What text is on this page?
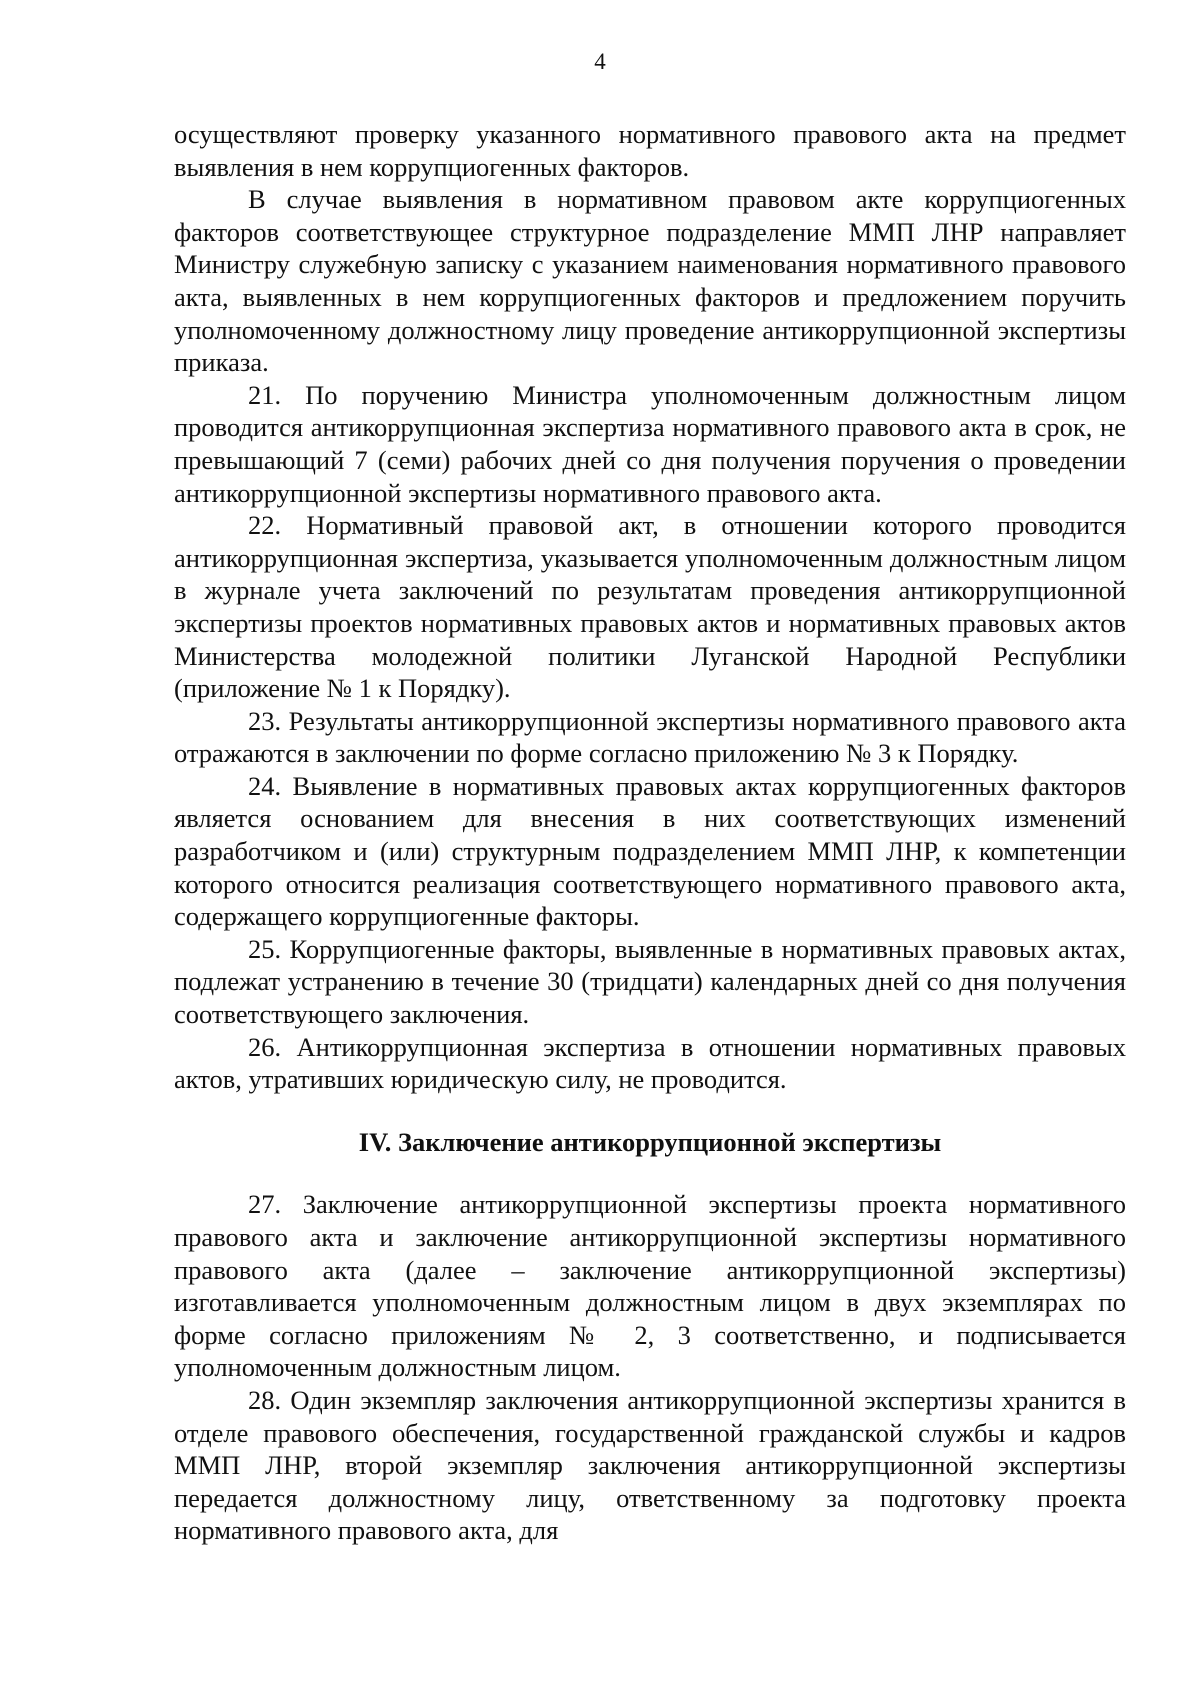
4

осуществляют проверку указанного нормативного правового акта на предмет выявления в нем коррупциогенных факторов.

В случае выявления в нормативном правовом акте коррупциогенных факторов соответствующее структурное подразделение ММП ЛНР направляет Министру служебную записку с указанием наименования нормативного правового акта, выявленных в нем коррупциогенных факторов и предложением поручить уполномоченному должностному лицу проведение антикоррупционной экспертизы приказа.

21. По поручению Министра уполномоченным должностным лицом проводится антикоррупционная экспертиза нормативного правового акта в срок, не превышающий 7 (семи) рабочих дней со дня получения поручения о проведении антикоррупционной экспертизы нормативного правового акта.

22. Нормативный правовой акт, в отношении которого проводится антикоррупционная экспертиза, указывается уполномоченным должностным лицом в журнале учета заключений по результатам проведения антикоррупционной экспертизы проектов нормативных правовых актов и нормативных правовых актов Министерства молодежной политики Луганской Народной Республики (приложение № 1 к Порядку).

23. Результаты антикоррупционной экспертизы нормативного правового акта отражаются в заключении по форме согласно приложению № 3 к Порядку.

24. Выявление в нормативных правовых актах коррупциогенных факторов является основанием для внесения в них соответствующих изменений разработчиком и (или) структурным подразделением ММП ЛНР, к компетенции которого относится реализация соответствующего нормативного правового акта, содержащего коррупциогенные факторы.

25. Коррупциогенные факторы, выявленные в нормативных правовых актах, подлежат устранению в течение 30 (тридцати) календарных дней со дня получения соответствующего заключения.

26. Антикоррупционная экспертиза в отношении нормативных правовых актов, утративших юридическую силу, не проводится.

IV. Заключение антикоррупционной экспертизы

27. Заключение антикоррупционной экспертизы проекта нормативного правового акта и заключение антикоррупционной экспертизы нормативного правового акта (далее – заключение антикоррупционной экспертизы) изготавливается уполномоченным должностным лицом в двух экземплярах по форме согласно приложениям № 2, 3 соответственно, и подписывается уполномоченным должностным лицом.

28. Один экземпляр заключения антикоррупционной экспертизы хранится в отделе правового обеспечения, государственной гражданской службы и кадров ММП ЛНР, второй экземпляр заключения антикоррупционной экспертизы передается должностному лицу, ответственному за подготовку проекта нормативного правового акта, для
